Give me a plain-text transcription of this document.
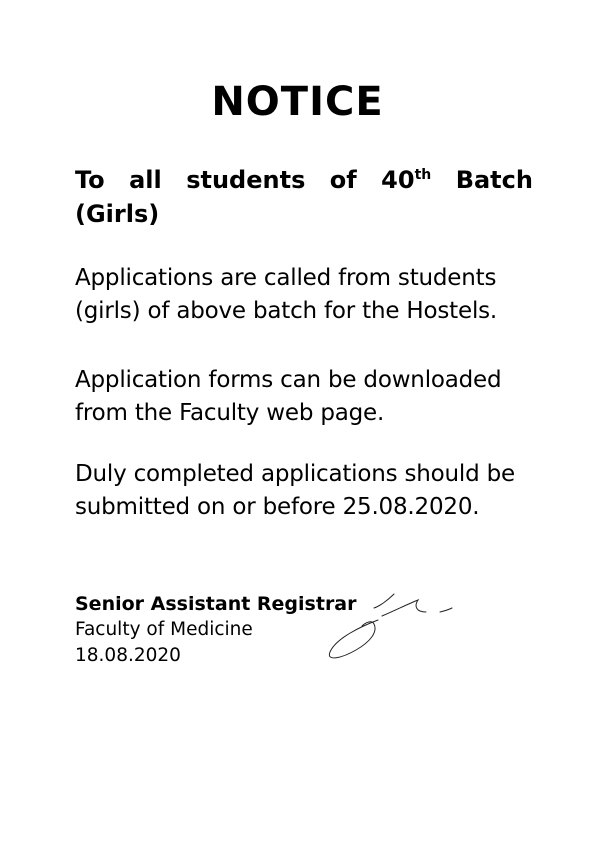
NOTICE
To all students of 40th Batch
(Girls)
Applications are called from students
(girls) of above batch for the Hostels.
Application forms can be downloaded
from the Faculty web page.
Duly completed applications should be
submitted on or before 25.08.2020.
Senior Assistant Registrar
Faculty of Medicine
18.08.2020
